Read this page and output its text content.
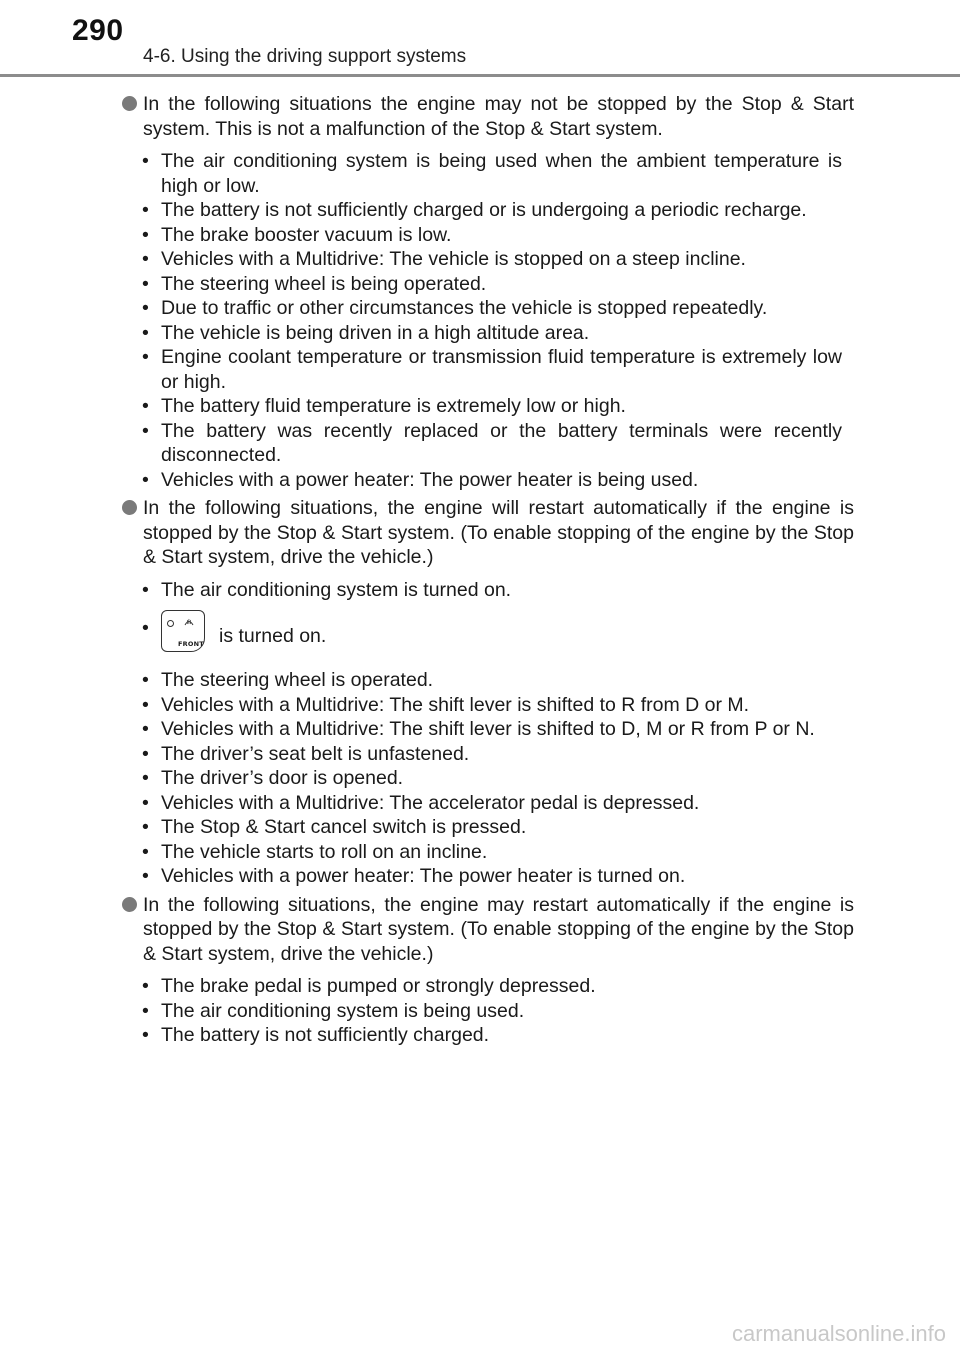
290
4-6. Using the driving support systems

In the following situations the engine may not be stopped by the Stop & Start system. This is not a malfunction of the Stop & Start system.

• The air conditioning system is being used when the ambient temperature is high or low.
• The battery is not sufficiently charged or is undergoing a periodic recharge.
• The brake booster vacuum is low.
• Vehicles with a Multidrive: The vehicle is stopped on a steep incline.
• The steering wheel is being operated.
• Due to traffic or other circumstances the vehicle is stopped repeatedly.
• The vehicle is being driven in a high altitude area.
• Engine coolant temperature or transmission fluid temperature is extremely low or high.
• The battery fluid temperature is extremely low or high.
• The battery was recently replaced or the battery terminals were recently disconnected.
• Vehicles with a power heater: The power heater is being used.

In the following situations, the engine will restart automatically if the engine is stopped by the Stop & Start system. (To enable stopping of the engine by the Stop & Start system, drive the vehicle.)

• The air conditioning system is turned on.
•
FRONT is turned on.
• The steering wheel is operated.
• Vehicles with a Multidrive: The shift lever is shifted to R from D or M.
• Vehicles with a Multidrive: The shift lever is shifted to D, M or R from P or N.
• The driver’s seat belt is unfastened.
• The driver’s door is opened.
• Vehicles with a Multidrive: The accelerator pedal is depressed.
• The Stop & Start cancel switch is pressed.
• The vehicle starts to roll on an incline.
• Vehicles with a power heater: The power heater is turned on.

In the following situations, the engine may restart automatically if the engine is stopped by the Stop & Start system. (To enable stopping of the engine by the Stop & Start system, drive the vehicle.)

• The brake pedal is pumped or strongly depressed.
• The air conditioning system is being used.
• The battery is not sufficiently charged.
carmanualsonline.info
